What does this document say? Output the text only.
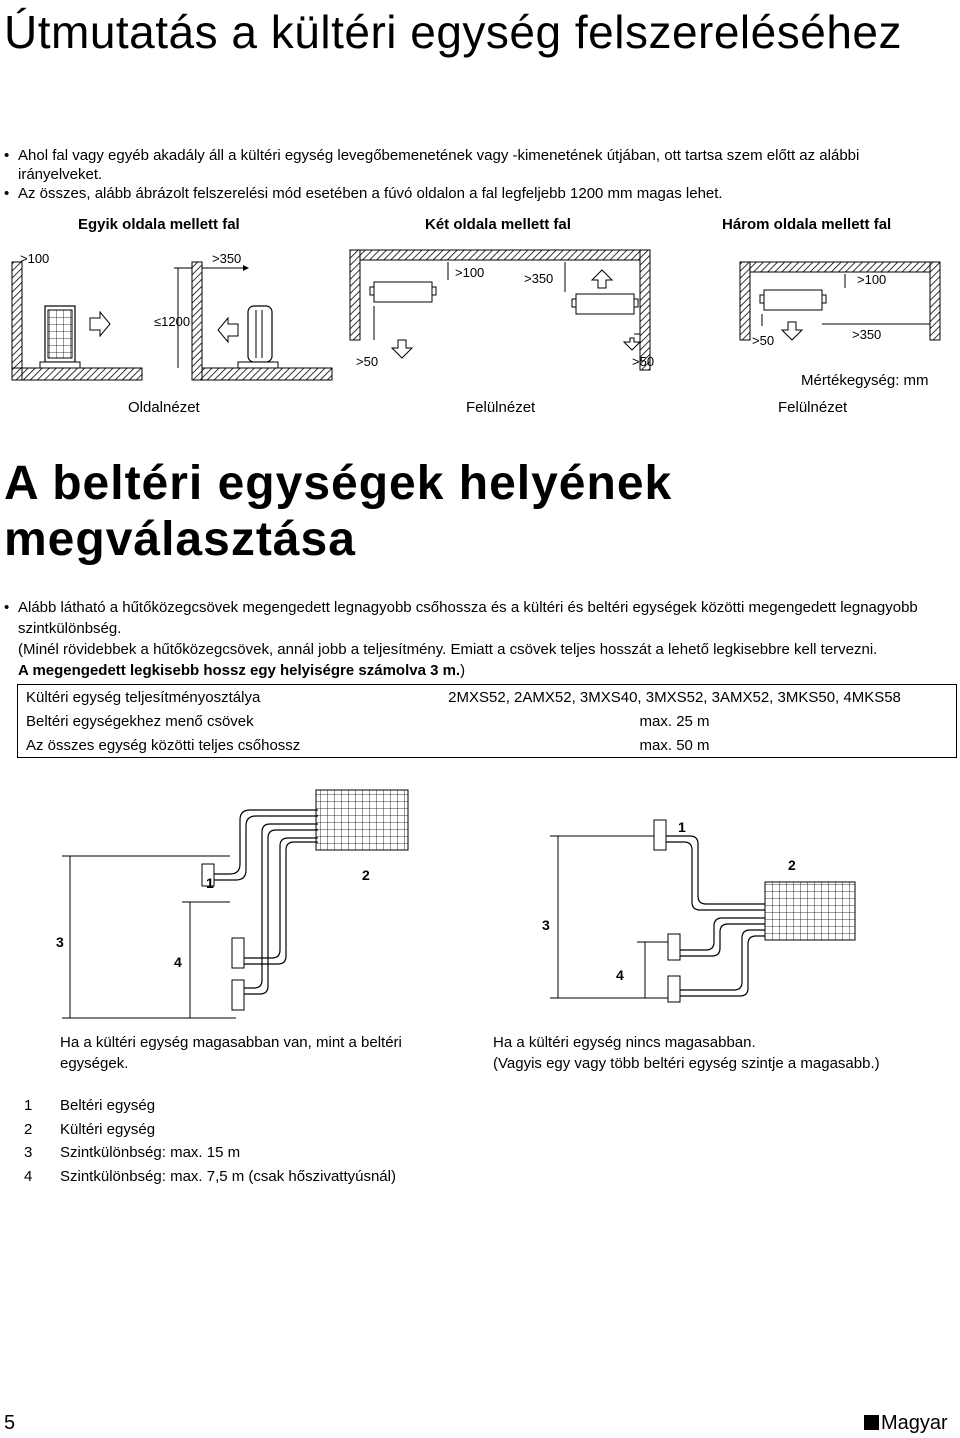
Útmutatás a kültéri egység felszereléséhez
• Ahol fal vagy egyéb akadály áll a kültéri egység levegőbemenetének vagy -kimenetének útjában, ott tartsa szem előtt az alábbi irányelveket.
• Az összes, alább ábrázolt felszerelési mód esetében a fúvó oldalon a fal legfeljebb 1200 mm magas lehet.
Egyik oldala mellett fal	Két oldala mellett fal	Három oldala mellett fal
>100	>350
≤1200
>100	>350
>50	>50
>100
>50	>350
Mértékegység: mm
Oldalnézet	Felülnézet	Felülnézet
A beltéri egységek helyének megválasztása
• Alább látható a hűtőközegcsövek megengedett legnagyobb csőhossza és a kültéri és beltéri egységek közötti megengedett legnagyobb szintkülönbség.
(Minél rövidebbek a hűtőközegcsövek, annál jobb a teljesítmény. Emiatt a csövek teljes hosszát a lehető legkisebbre kell tervezni.
A megengedett legkisebb hossz egy helyiségre számolva 3 m.)
Kültéri egység teljesítményosztálya	2MXS52, 2AMX52, 3MXS40, 3MXS52, 3AMX52, 3MKS50, 4MKS58
Beltéri egységekhez menő csövek	max. 25 m
Az összes egység közötti teljes csőhossz	max. 50 m
1	2
3
4
1
2
3
4
Ha a kültéri egység magasabban van, mint a beltéri egységek.
Ha a kültéri egység nincs magasabban.
(Vagyis egy vagy több beltéri egység szintje a magasabb.)
1 Beltéri egység
2 Kültéri egység
3 Szintkülönbség: max. 15 m
4 Szintkülönbség: max. 7,5 m (csak hőszivattyúsnál)
5	Magyar
